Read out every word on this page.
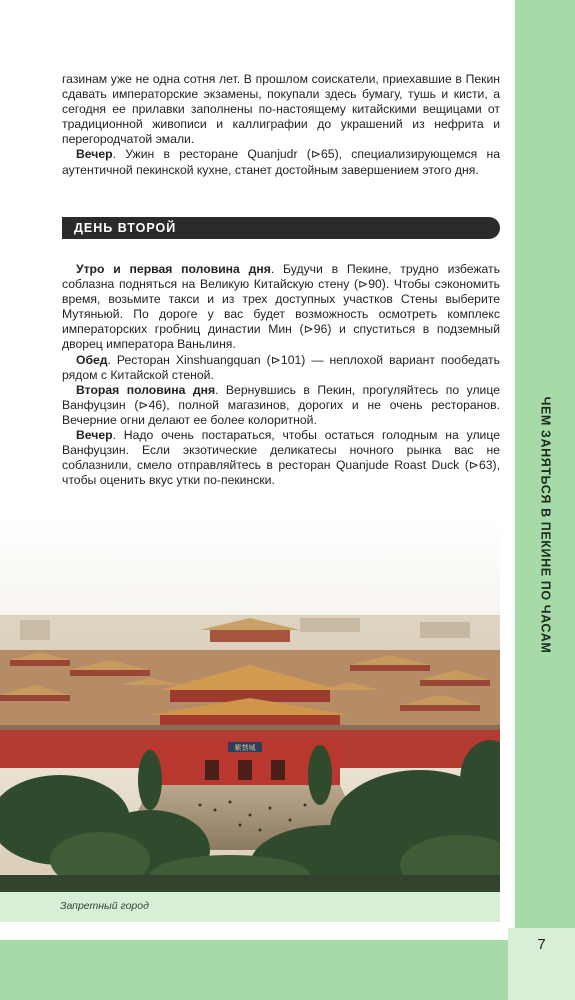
ЧЕМ ЗАНЯТЬСЯ В ПЕКИНЕ ПО ЧАСАМ

газинам уже не одна сотня лет. В прошлом соискатели, приехавшие в Пекин сдавать императорские экзамены, покупали здесь бумагу, тушь и кисти, а сегодня ее прилавки заполнены по-настоящему китайскими вещицами от традиционной живописи и каллиграфии до украшений из нефрита и перегородчатой эмали.

Вечер. Ужин в ресторане Quanjudr (⊳65), специализирующемся на аутентичной пекинской кухне, станет достойным завершением этого дня.

ДЕНЬ ВТОРОЙ

Утро и первая половина дня. Будучи в Пекине, трудно избежать соблазна подняться на Великую Китайскую стену (⊳90). Чтобы сэкономить время, возьмите такси и из трех доступных участков Стены выберите Мутяньюй. По дороге у вас будет возможность осмотреть комплекс императорских гробниц династии Мин (⊳96) и спуститься в подземный дворец императора Ваньлиня.

Обед. Ресторан Xinshuangquan (⊳101) — неплохой вариант пообедать рядом с Китайской стеной.

Вторая половина дня. Вернувшись в Пекин, прогуляйтесь по улице Ванфуцзин (⊳46), полной магазинов, дорогих и не очень ресторанов. Вечерние огни делают ее более колоритной.

Вечер. Надо очень постараться, чтобы остаться голодным на улице Ванфуцзин. Если экзотические деликатесы ночного рынка вас не соблазнили, смело отправляйтесь в ресторан Quanjude Roast Duck (⊳63), чтобы оценить вкус утки по-пекински.

紫禁城
Запретный город
7
